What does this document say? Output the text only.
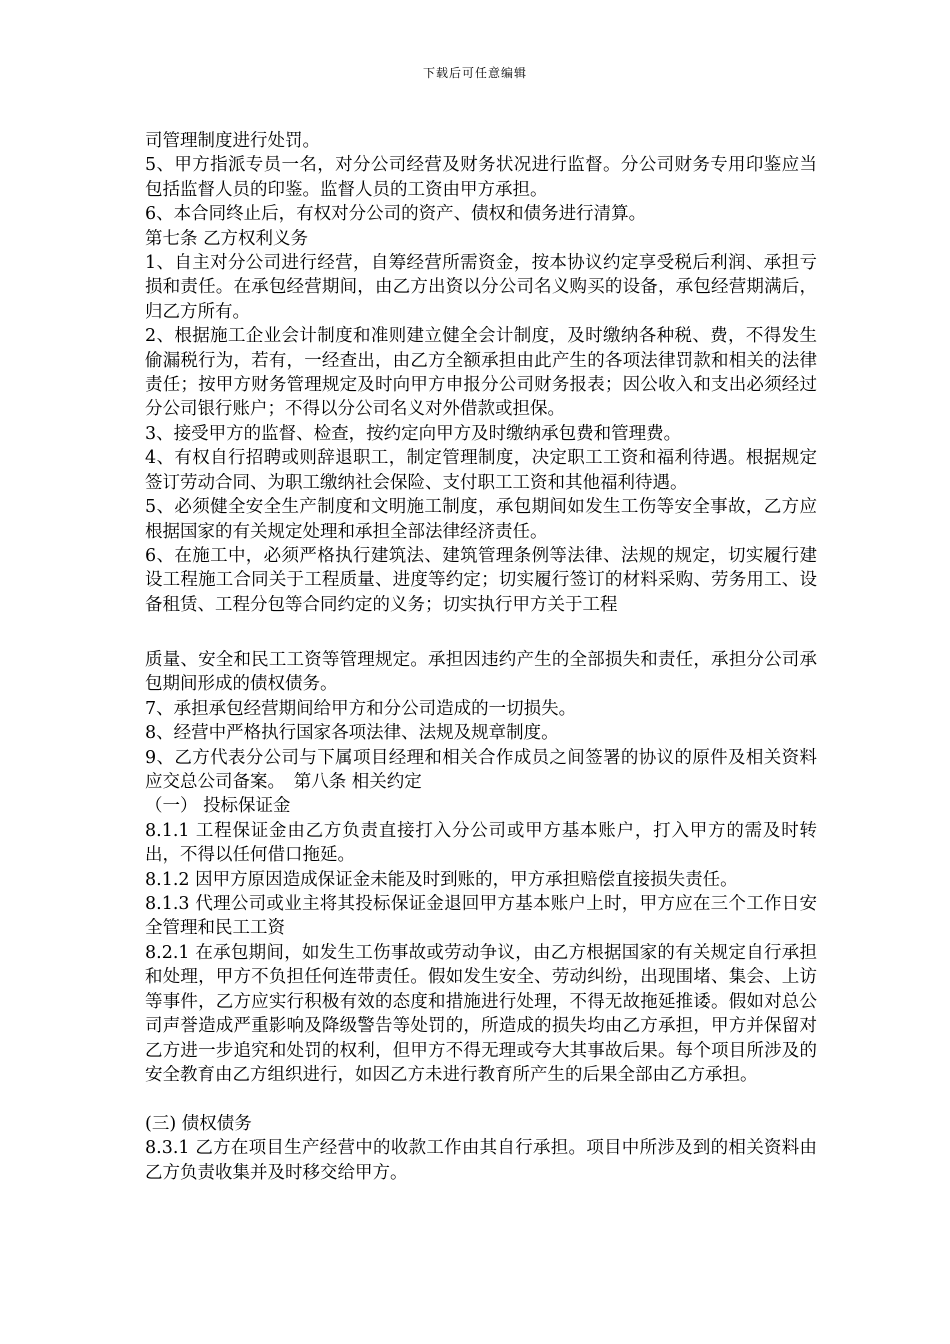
下载后可任意编辑

司管理制度进行处罚。

5、甲方指派专员一名，对分公司经营及财务状况进行监督。分公司财务专用印鉴应当包括监督人员的印鉴。监督人员的工资由甲方承担。

6、本合同终止后，有权对分公司的资产、债权和债务进行清算。

第七条 乙方权利义务

1、自主对分公司进行经营，自筹经营所需资金，按本协议约定享受税后利润、承担亏损和责任。在承包经营期间，由乙方出资以分公司名义购买的设备，承包经营期满后，归乙方所有。

2、根据施工企业会计制度和准则建立健全会计制度，及时缴纳各种税、费，不得发生偷漏税行为，若有，一经查出，由乙方全额承担由此产生的各项法律罚款和相关的法律责任；按甲方财务管理规定及时向甲方申报分公司财务报表；因公收入和支出必须经过分公司银行账户；不得以分公司名义对外借款或担保。

3、接受甲方的监督、检查，按约定向甲方及时缴纳承包费和管理费。

4、有权自行招聘或则辞退职工，制定管理制度，决定职工工资和福利待遇。根据规定签订劳动合同、为职工缴纳社会保险、支付职工工资和其他福利待遇。

5、必须健全安全生产制度和文明施工制度，承包期间如发生工伤等安全事故，乙方应根据国家的有关规定处理和承担全部法律经济责任。

6、在施工中，必须严格执行建筑法、建筑管理条例等法律、法规的规定，切实履行建设工程施工合同关于工程质量、进度等约定；切实履行签订的材料采购、劳务用工、设备租赁、工程分包等合同约定的义务；切实执行甲方关于工程

质量、安全和民工工资等管理规定。承担因违约产生的全部损失和责任，承担分公司承包期间形成的债权债务。

7、承担承包经营期间给甲方和分公司造成的一切损失。

8、经营中严格执行国家各项法律、法规及规章制度。

9、乙方代表分公司与下属项目经理和相关合作成员之间签署的协议的原件及相关资料应交总公司备案。　第八条 相关约定

（一） 投标保证金

8.1.1 工程保证金由乙方负责直接打入分公司或甲方基本账户，打入甲方的需及时转出，不得以任何借口拖延。

8.1.2 因甲方原因造成保证金未能及时到账的，甲方承担赔偿直接损失责任。

8.1.3 代理公司或业主将其投标保证金退回甲方基本账户上时，甲方应在三个工作日安全管理和民工工资

8.2.1 在承包期间，如发生工伤事故或劳动争议，由乙方根据国家的有关规定自行承担和处理，甲方不负担任何连带责任。假如发生安全、劳动纠纷，出现围堵、集会、上访等事件，乙方应实行积极有效的态度和措施进行处理，不得无故拖延推诿。假如对总公司声誉造成严重影响及降级警告等处罚的，所造成的损失均由乙方承担，甲方并保留对乙方进一步追究和处罚的权利，但甲方不得无理或夸大其事故后果。每个项目所涉及的安全教育由乙方组织进行，如因乙方未进行教育所产生的后果全部由乙方承担。

(三) 债权债务

8.3.1 乙方在项目生产经营中的收款工作由其自行承担。项目中所涉及到的相关资料由乙方负责收集并及时移交给甲方。
